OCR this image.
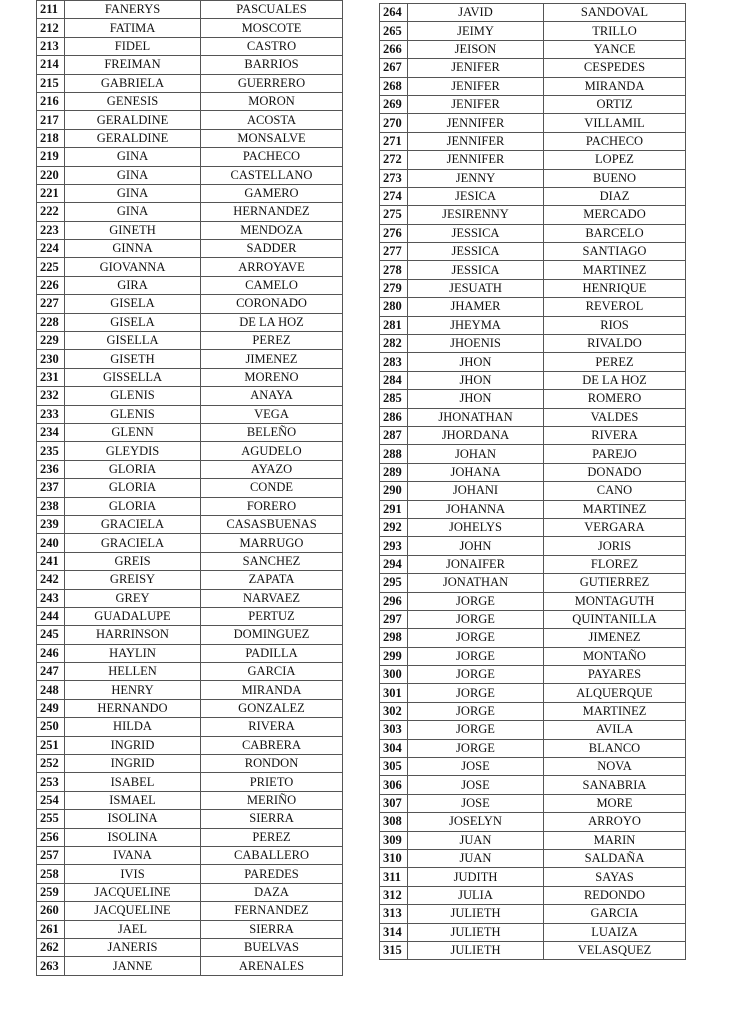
211	FANERYS	PASCUALES
212	FATIMA	MOSCOTE
213	FIDEL	CASTRO
214	FREIMAN	BARRIOS
215	GABRIELA	GUERRERO
216	GENESIS	MORON
217	GERALDINE	ACOSTA
218	GERALDINE	MONSALVE
219	GINA	PACHECO
220	GINA	CASTELLANO
221	GINA	GAMERO
222	GINA	HERNANDEZ
223	GINETH	MENDOZA
224	GINNA	SADDER
225	GIOVANNA	ARROYAVE
226	GIRA	CAMELO
227	GISELA	CORONADO
228	GISELA	DE LA HOZ
229	GISELLA	PEREZ
230	GISETH	JIMENEZ
231	GISSELLA	MORENO
232	GLENIS	ANAYA
233	GLENIS	VEGA
234	GLENN	BELEÑO
235	GLEYDIS	AGUDELO
236	GLORIA	AYAZO
237	GLORIA	CONDE
238	GLORIA	FORERO
239	GRACIELA	CASASBUENAS
240	GRACIELA	MARRUGO
241	GREIS	SANCHEZ
242	GREISY	ZAPATA
243	GREY	NARVAEZ
244	GUADALUPE	PERTUZ
245	HARRINSON	DOMINGUEZ
246	HAYLIN	PADILLA
247	HELLEN	GARCIA
248	HENRY	MIRANDA
249	HERNANDO	GONZALEZ
250	HILDA	RIVERA
251	INGRID	CABRERA
252	INGRID	RONDON
253	ISABEL	PRIETO
254	ISMAEL	MERIÑO
255	ISOLINA	SIERRA
256	ISOLINA	PEREZ
257	IVANA	CABALLERO
258	IVIS	PAREDES
259	JACQUELINE	DAZA
260	JACQUELINE	FERNANDEZ
261	JAEL	SIERRA
262	JANERIS	BUELVAS
263	JANNE	ARENALES
264	JAVID	SANDOVAL
265	JEIMY	TRILLO
266	JEISON	YANCE
267	JENIFER	CESPEDES
268	JENIFER	MIRANDA
269	JENIFER	ORTIZ
270	JENNIFER	VILLAMIL
271	JENNIFER	PACHECO
272	JENNIFER	LOPEZ
273	JENNY	BUENO
274	JESICA	DIAZ
275	JESIRENNY	MERCADO
276	JESSICA	BARCELO
277	JESSICA	SANTIAGO
278	JESSICA	MARTINEZ
279	JESUATH	HENRIQUE
280	JHAMER	REVEROL
281	JHEYMA	RIOS
282	JHOENIS	RIVALDO
283	JHON	PEREZ
284	JHON	DE LA HOZ
285	JHON	ROMERO
286	JHONATHAN	VALDES
287	JHORDANA	RIVERA
288	JOHAN	PAREJO
289	JOHANA	DONADO
290	JOHANI	CANO
291	JOHANNA	MARTINEZ
292	JOHELYS	VERGARA
293	JOHN	JORIS
294	JONAIFER	FLOREZ
295	JONATHAN	GUTIERREZ
296	JORGE	MONTAGUTH
297	JORGE	QUINTANILLA
298	JORGE	JIMENEZ
299	JORGE	MONTAÑO
300	JORGE	PAYARES
301	JORGE	ALQUERQUE
302	JORGE	MARTINEZ
303	JORGE	AVILA
304	JORGE	BLANCO
305	JOSE	NOVA
306	JOSE	SANABRIA
307	JOSE	MORE
308	JOSELYN	ARROYO
309	JUAN	MARIN
310	JUAN	SALDAÑA
311	JUDITH	SAYAS
312	JULIA	REDONDO
313	JULIETH	GARCIA
314	JULIETH	LUAIZA
315	JULIETH	VELASQUEZ
